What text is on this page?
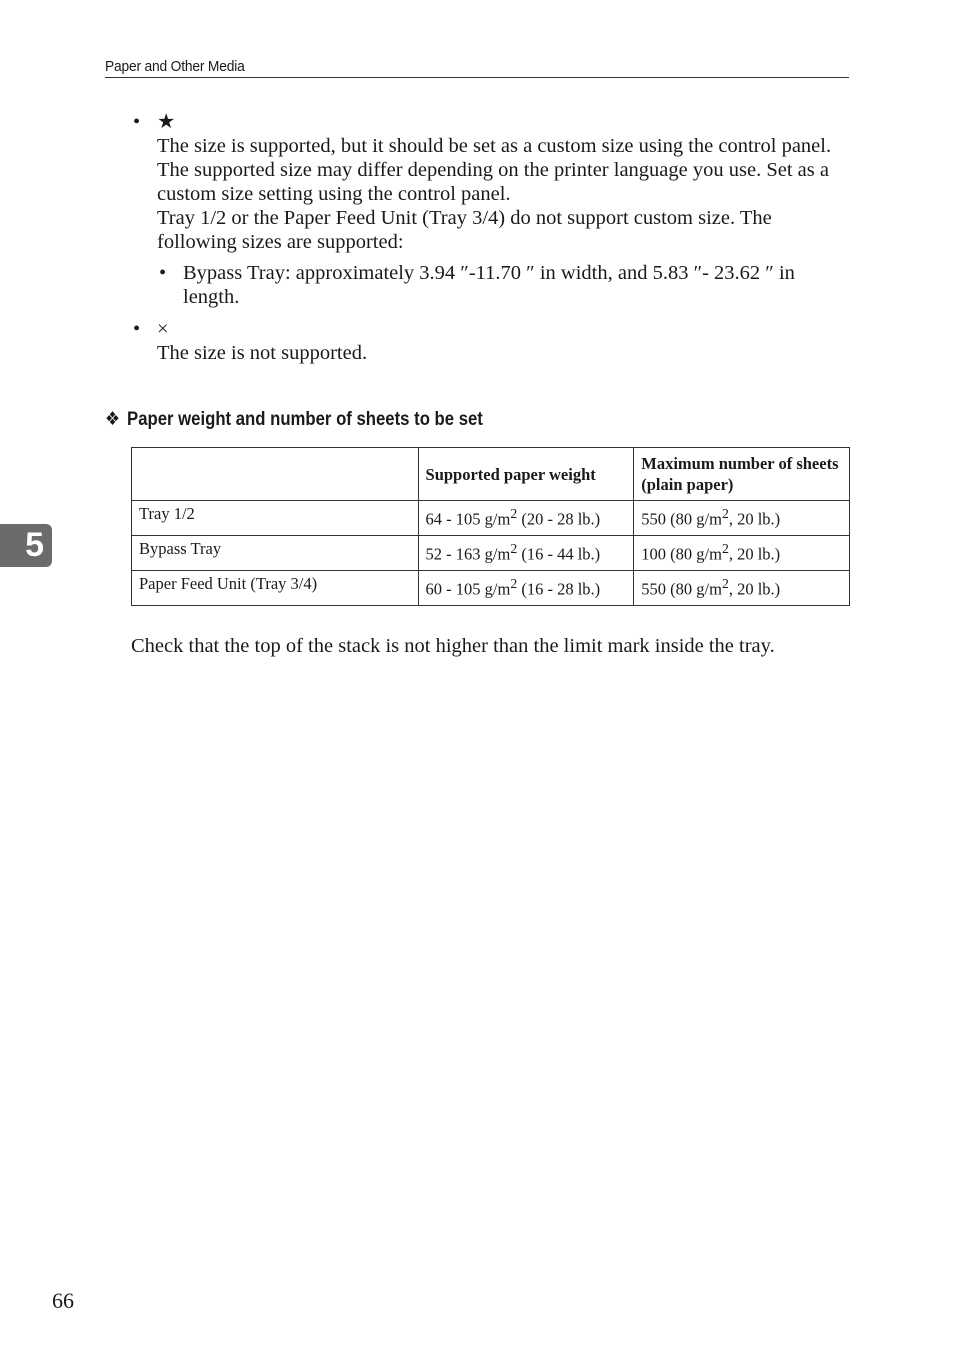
Paper and Other Media
• ★

The size is supported, but it should be set as a custom size using the control panel.

The supported size may differ depending on the printer language you use. Set as a custom size setting using the control panel.

Tray 1/2 or the Paper Feed Unit (Tray 3/4) do not support custom size. The following sizes are supported:

• Bypass Tray: approximately 3.94 ″-11.70 ″ in width, and 5.83 ″- 23.62 ″ in length.
• ×

The size is not supported.

❖ Paper weight and number of sheets to be set
	Supported paper weight	Maximum number of sheets (plain paper)
Tray 1/2	64 - 105 $g/m^2$ (20 - 28 lb.)	550 (80 $g/m^2$, 20 lb.)
Bypass Tray	52 - 163 $g/m^2$ (16 - 44 lb.)	100 (80 $g/m^2$, 20 lb.)
Paper Feed Unit (Tray 3/4)	60 - 105 $g/m^2$ (16 - 28 lb.)	550 (80 $g/m^2$, 20 lb.)

Check that the top of the stack is not higher than the limit mark inside the tray.

5
66
